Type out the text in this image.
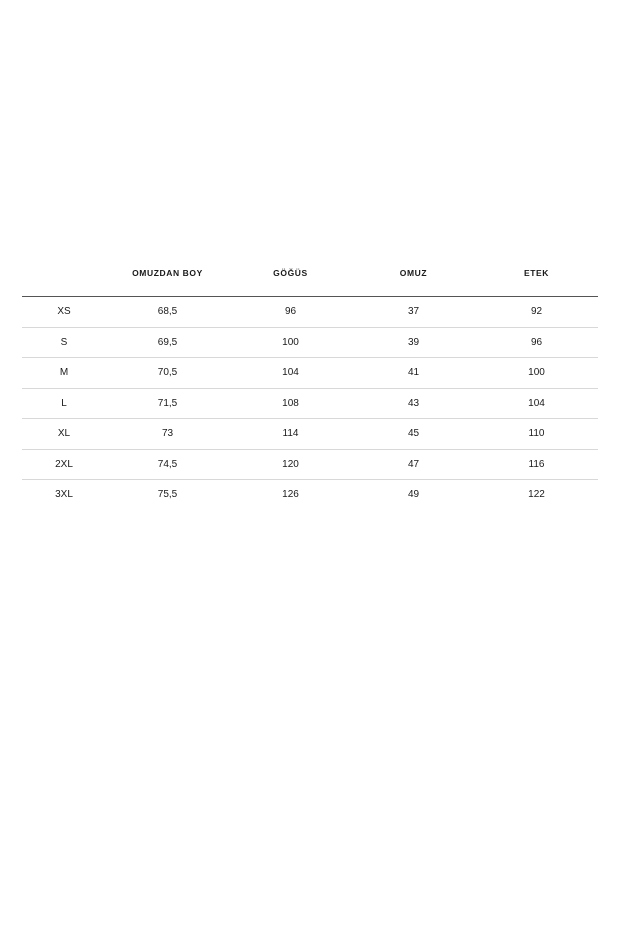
	OMUZDAN BOY	GÖĞÜS	OMUZ	ETEK
XS	68,5	96	37	92
S	69,5	100	39	96
M	70,5	104	41	100
L	71,5	108	43	104
XL	73	114	45	110
2XL	74,5	120	47	116
3XL	75,5	126	49	122
